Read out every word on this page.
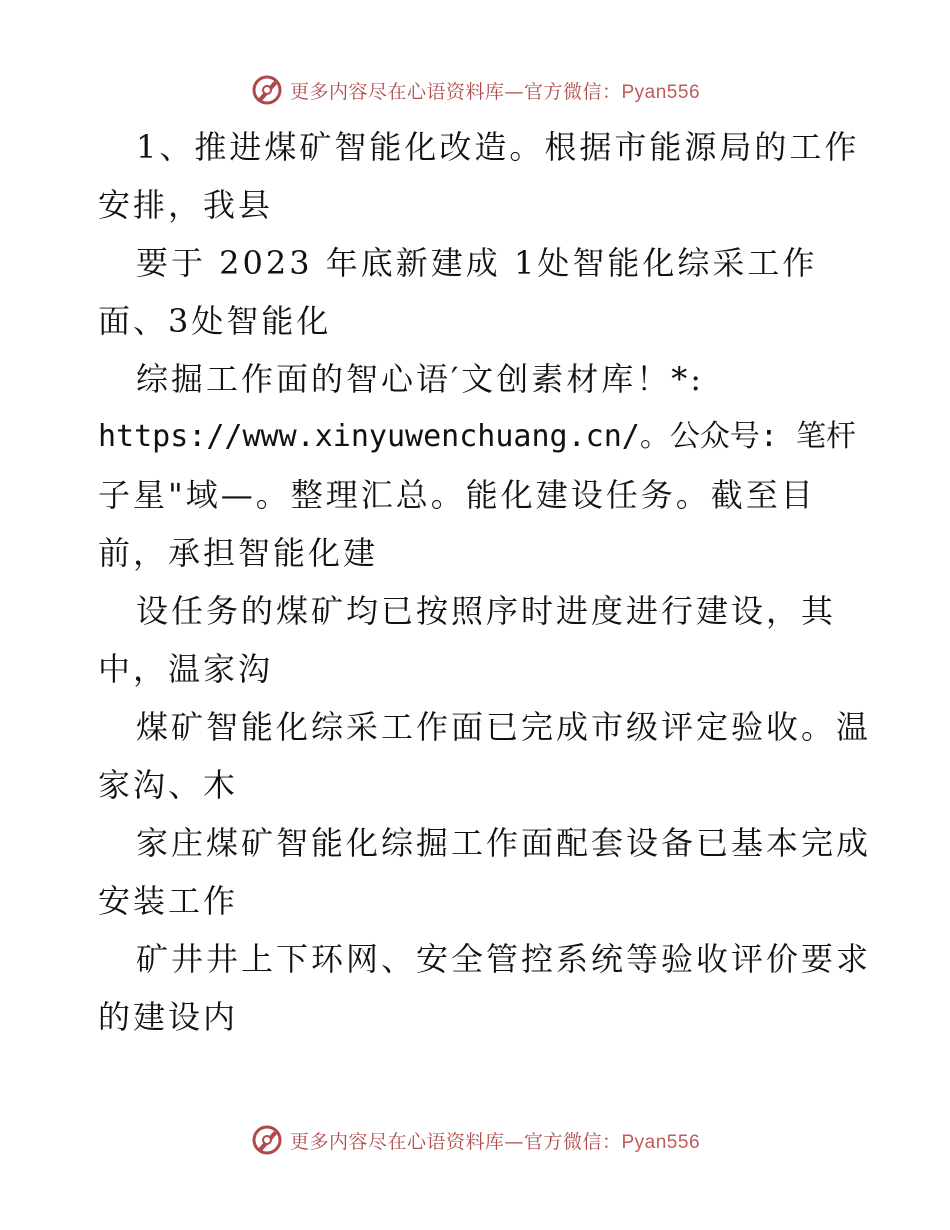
更多内容尽在心语资料库—官方微信：Pyan556
1、推进煤矿智能化改造。根据市能源局的工作
安排，我县
要于 2023 年底新建成 1处智能化综采工作
面、3处智能化
综掘工作面的智心语′文创素材库！*:
https://www.xinyuwenchuang.cn/。公众号: 笔杆
子星"域—。整理汇总。能化建设任务。截至目
前，承担智能化建
设任务的煤矿均已按照序时进度进行建设，其
中，温家沟
煤矿智能化综采工作面已完成市级评定验收。温
家沟、木
家庄煤矿智能化综掘工作面配套设备已基本完成
安装工作
矿井井上下环网、安全管控系统等验收评价要求
的建设内
更多内容尽在心语资料库—官方微信：Pyan556
